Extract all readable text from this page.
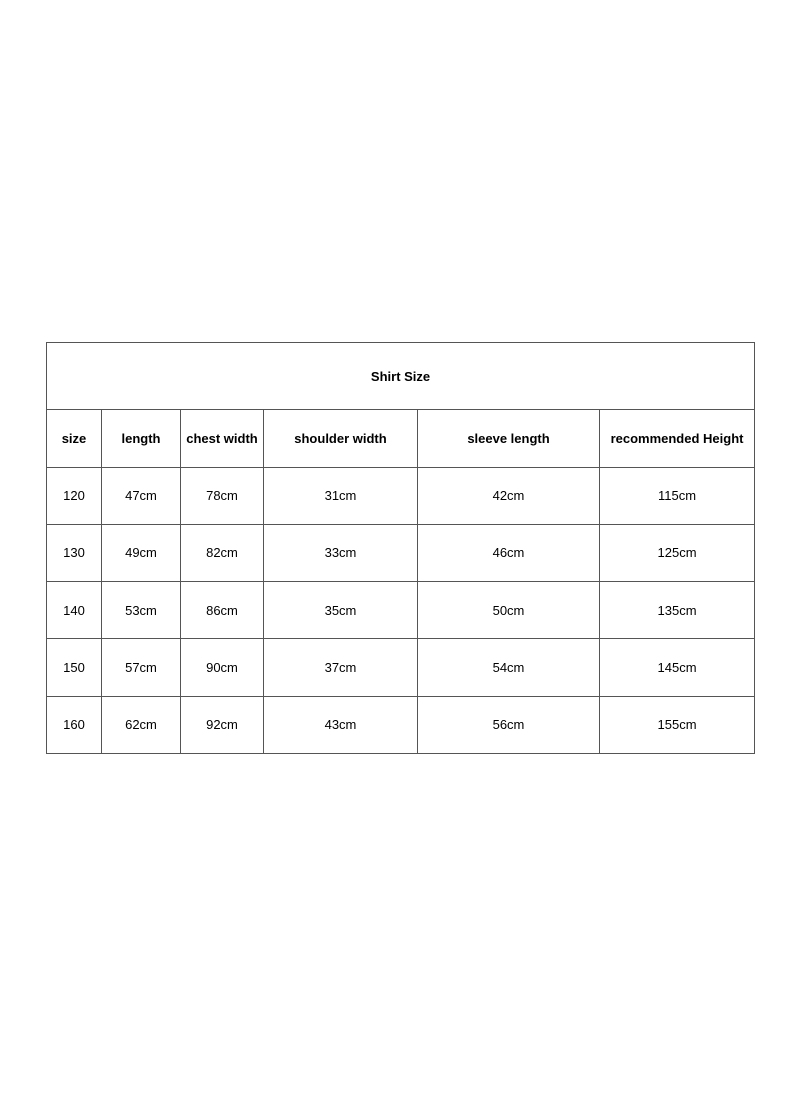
Shirt Size					
size	length	chest width	shoulder width	sleeve length	recommended Height
120	47cm	78cm	31cm	42cm	115cm
130	49cm	82cm	33cm	46cm	125cm
140	53cm	86cm	35cm	50cm	135cm
150	57cm	90cm	37cm	54cm	145cm
160	62cm	92cm	43cm	56cm	155cm
